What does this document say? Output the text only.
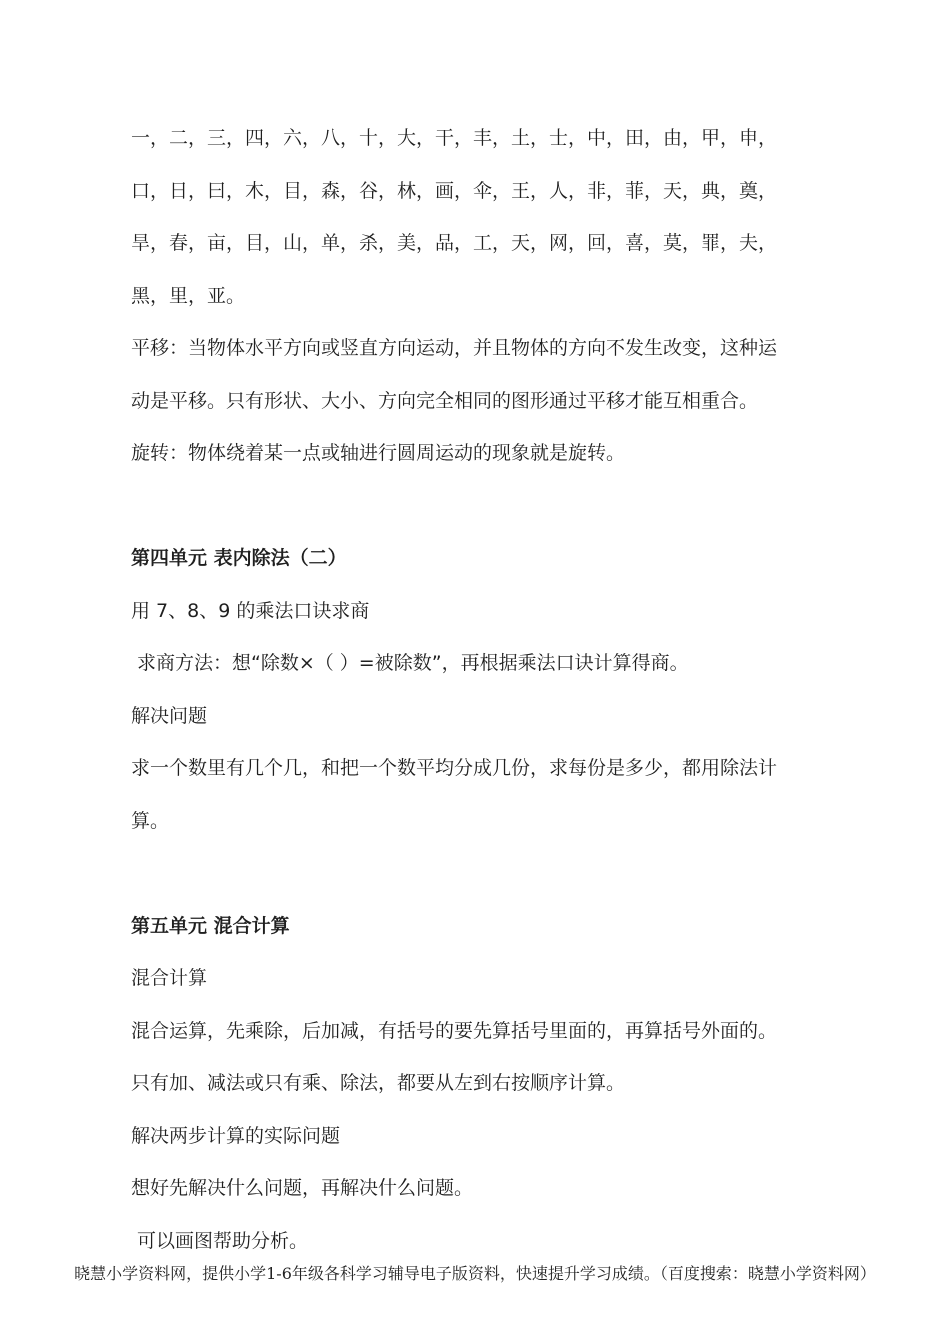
一，二，三，四，六，八，十，大，干，丰，土，士，中，田，由，甲，申，
口，日，曰，木，目，森，谷，林，画，伞，王，人，非，菲，天，典，奠，
旱，春，亩，目，山，单，杀，美，品，工，天，网，回，喜，莫，罪，夫，
黑，里，亚。
平移：当物体水平方向或竖直方向运动，并且物体的方向不发生改变，这种运
动是平移。只有形状、大小、方向完全相同的图形通过平移才能互相重合。
旋转：物体绕着某一点或轴进行圆周运动的现象就是旋转。
第四单元 表内除法（二）
用 7、8、9 的乘法口诀求商
求商方法：想“除数×（ ）=被除数”，再根据乘法口诀计算得商。
解决问题
求一个数里有几个几，和把一个数平均分成几份，求每份是多少，都用除法计
算。
第五单元 混合计算
混合计算
混合运算，先乘除，后加减，有括号的要先算括号里面的，再算括号外面的。
只有加、减法或只有乘、除法，都要从左到右按顺序计算。
解决两步计算的实际问题
想好先解决什么问题，再解决什么问题。
可以画图帮助分析。
晓慧小学资料网，提供小学1-6年级各科学习辅导电子版资料，快速提升学习成绩。（百度搜索：晓慧小学资料网）
